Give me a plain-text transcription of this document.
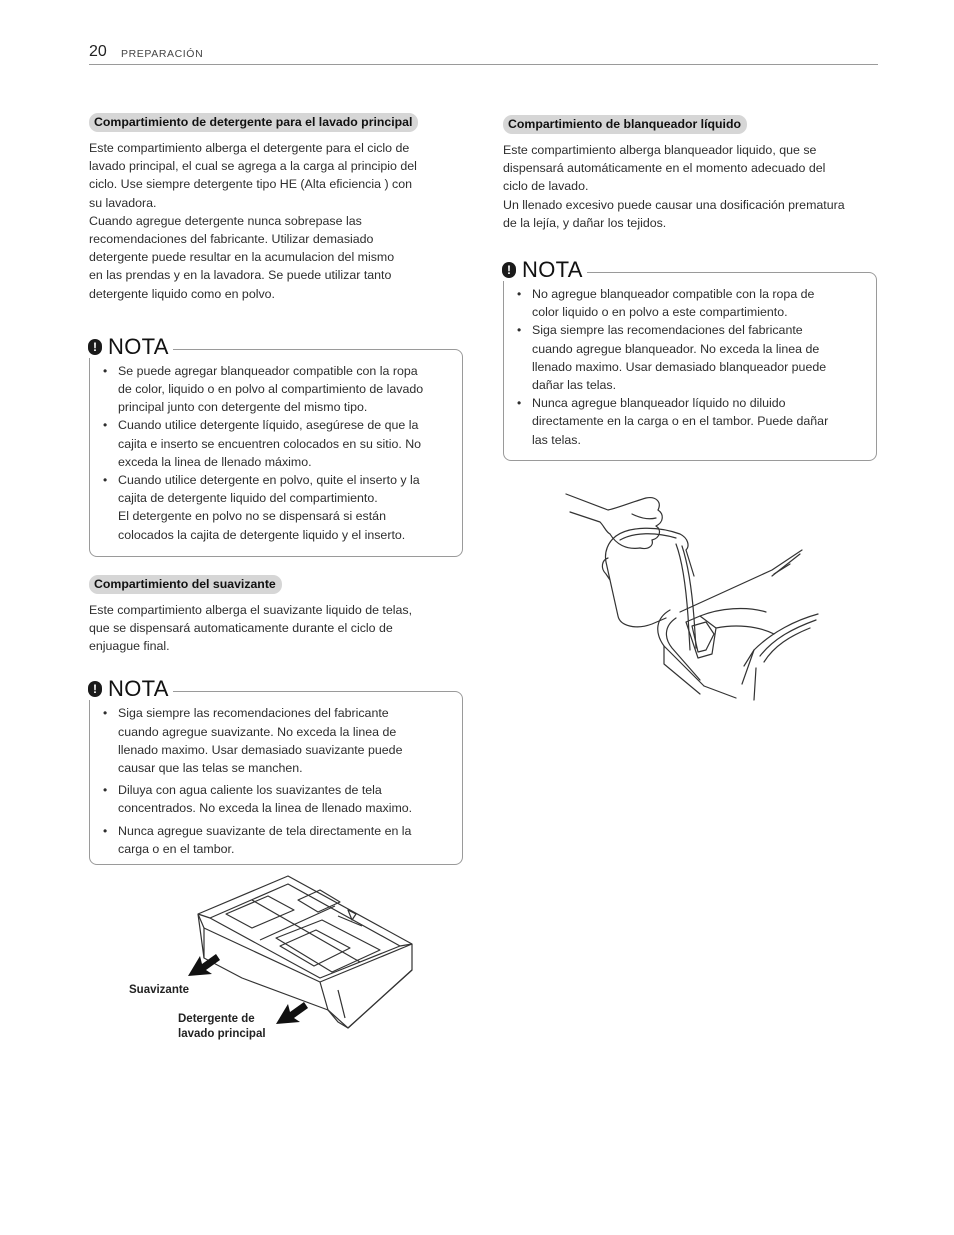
20 PREPARACIÓN
Compartimiento de detergente para el lavado principal

Este compartimiento alberga el detergente para el ciclo de
lavado principal, el cual se agrega a la carga al principio del
ciclo. Use siempre detergente tipo HE (Alta eficiencia ) con
su lavadora.
Cuando agregue detergente nunca sobrepase las
recomendaciones del fabricante. Utilizar demasiado
detergente puede resultar en la acumulacion del mismo
en las prendas y en la lavadora. Se puede utilizar tanto
detergente liquido como en polvo.

! NOTA
• Se puede agregar blanqueador compatible con la ropa
de color, liquido o en polvo al compartimiento de lavado
principal junto con detergente del mismo tipo.
• Cuando utilice detergente líquido, asegúrese de que la
cajita e inserto se encuentren colocados en su sitio. No
exceda la linea de llenado máximo.
• Cuando utilice detergente en polvo, quite el inserto y la
cajita de detergente liquido del compartimiento.
El detergente en polvo no se dispensará si están
colocados la cajita de detergente liquido y el inserto.
Compartimiento del suavizante

Este compartimiento alberga el suavizante liquido de telas,
que se dispensará automaticamente durante el ciclo de
enjuague final.

! NOTA
• Siga siempre las recomendaciones del fabricante
cuando agregue suavizante. No exceda la linea de
llenado maximo. Usar demasiado suavizante puede
causar que las telas se manchen.
• Diluya con agua caliente los suavizantes de tela
concentrados. No exceda la linea de llenado maximo.
• Nunca agregue suavizante de tela directamente en la
carga o en el tambor.
Suavizante
Detergente de
lavado principal
Compartimiento de blanqueador líquido

Este compartimiento alberga blanqueador liquido, que se
dispensará automáticamente en el momento adecuado del
ciclo de lavado.
Un llenado excesivo puede causar una dosificación prematura
de la lejía, y dañar los tejidos.

! NOTA
• No agregue blanqueador compatible con la ropa de
color liquido o en polvo a este compartimiento.
• Siga siempre las recomendaciones del fabricante
cuando agregue blanqueador. No exceda la linea de
llenado maximo. Usar demasiado blanqueador puede
dañar las telas.
• Nunca agregue blanqueador líquido no diluido
directamente en la carga o en el tambor. Puede dañar
las telas.
